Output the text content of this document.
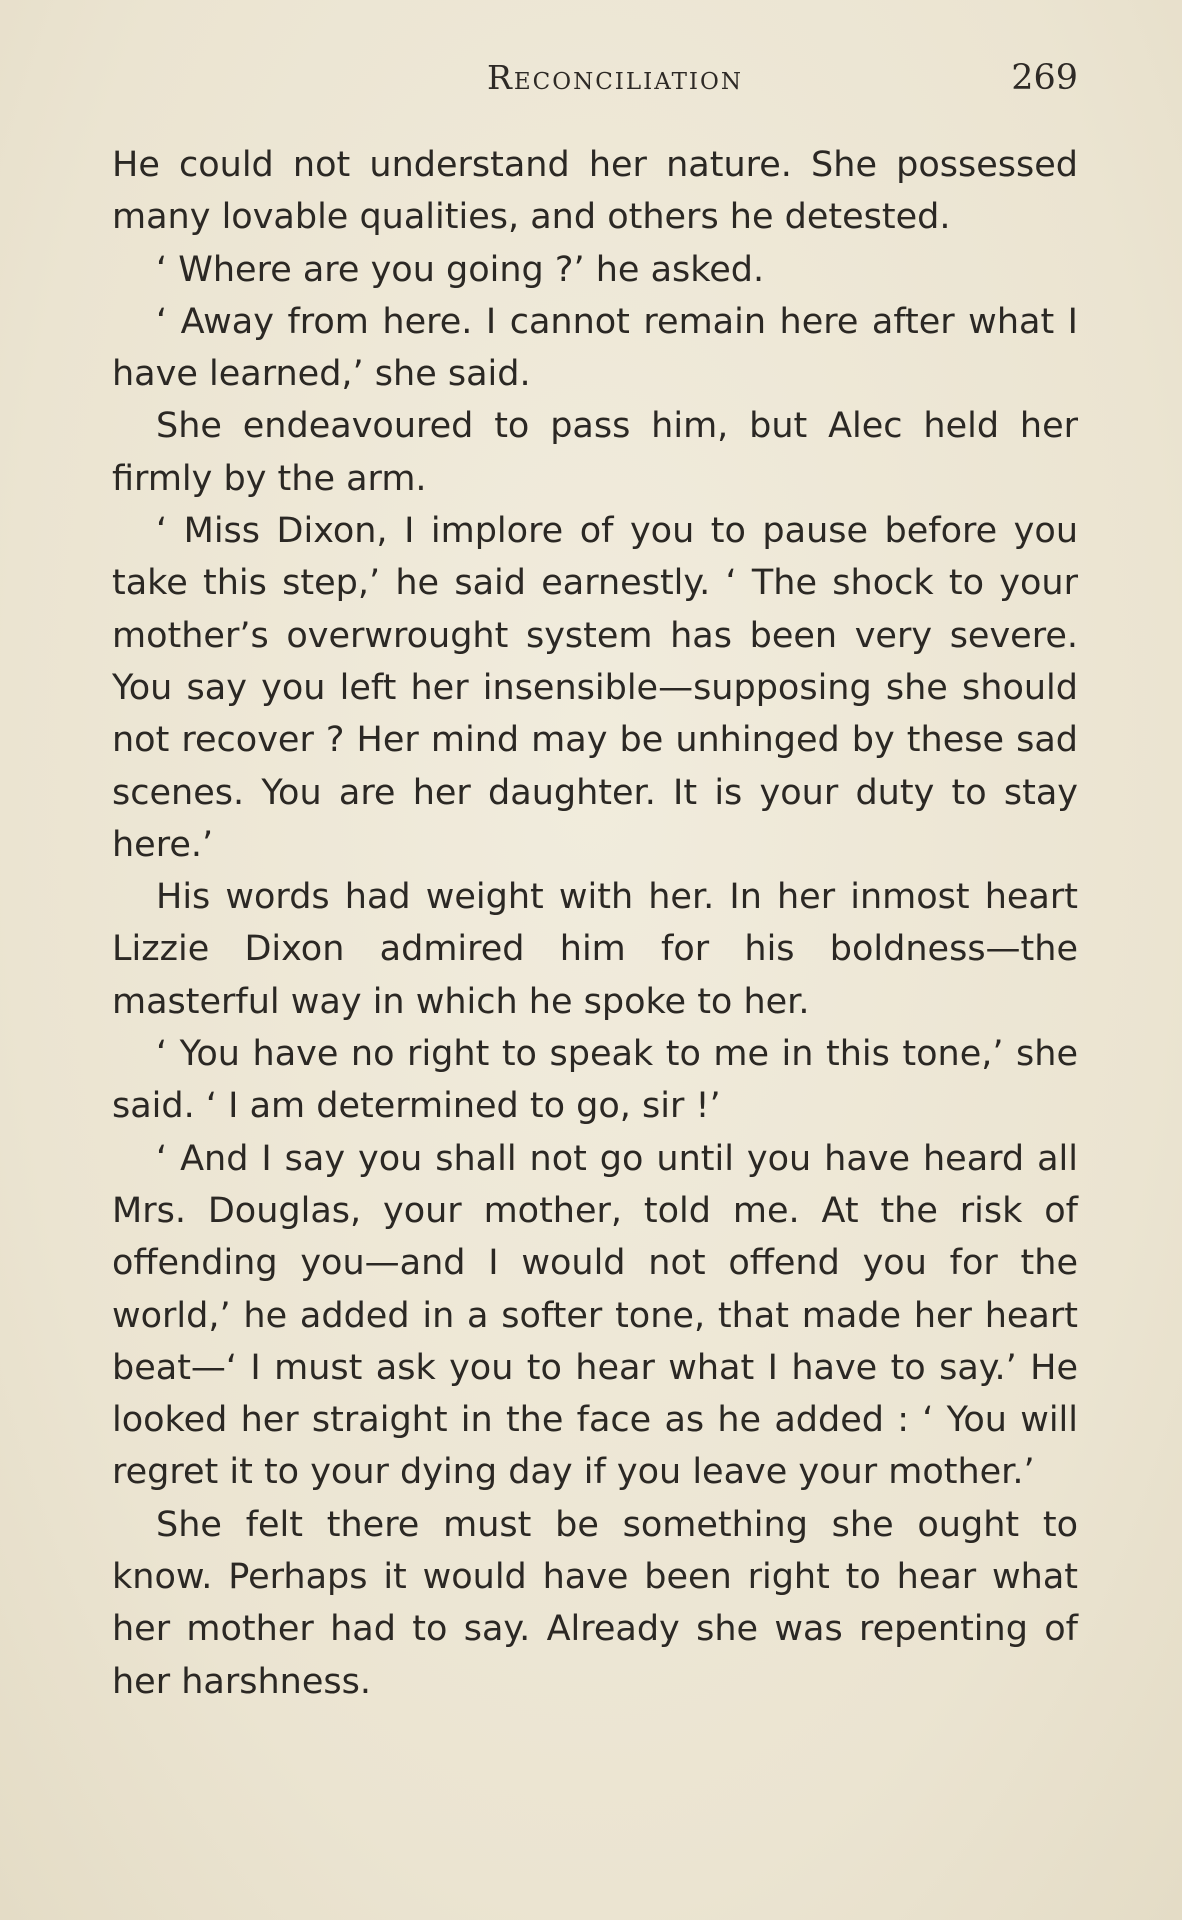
Reconciliation	269

He could not understand her nature. She possessed many lovable qualities, and others he detested.

‘ Where are you going ?’ he asked.

‘ Away from here. I cannot remain here after what I have learned,’ she said.

She endeavoured to pass him, but Alec held her firmly by the arm.

‘ Miss Dixon, I implore of you to pause before you take this step,’ he said earnestly. ‘ The shock to your mother’s overwrought system has been very severe. You say you left her insensible—supposing she should not recover ? Her mind may be unhinged by these sad scenes. You are her daughter. It is your duty to stay here.’

His words had weight with her. In her inmost heart Lizzie Dixon admired him for his boldness—the masterful way in which he spoke to her.

‘ You have no right to speak to me in this tone,’ she said. ‘ I am determined to go, sir !’

‘ And I say you shall not go until you have heard all Mrs. Douglas, your mother, told me. At the risk of offending you—and I would not offend you for the world,’ he added in a softer tone, that made her heart beat—‘ I must ask you to hear what I have to say.’ He looked her straight in the face as he added : ‘ You will regret it to your dying day if you leave your mother.’

She felt there must be something she ought to know. Perhaps it would have been right to hear what her mother had to say. Already she was repenting of her harshness.
